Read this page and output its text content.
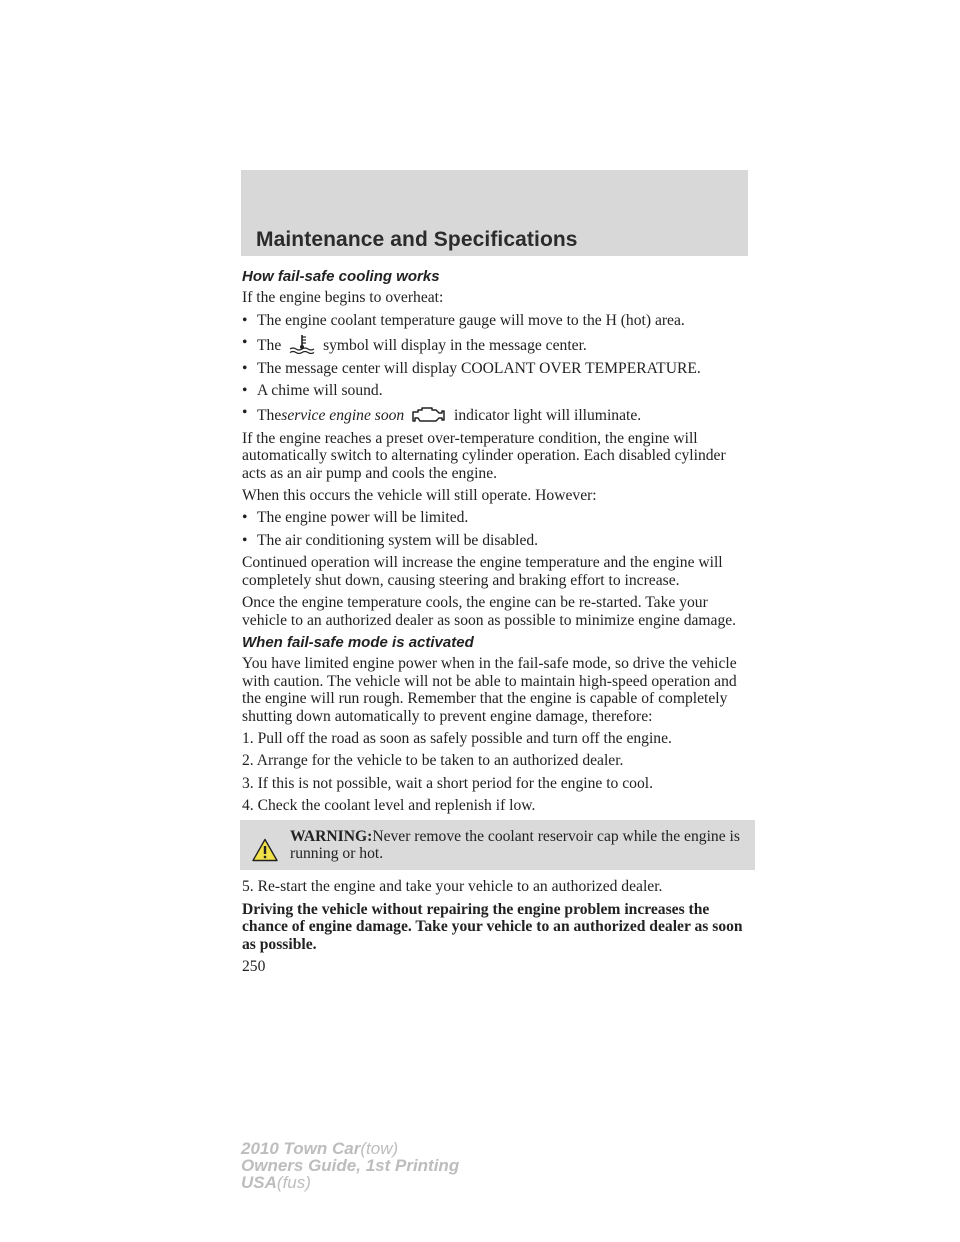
Maintenance and Specifications
How fail-safe cooling works

If the engine begins to overheat:

• The engine coolant temperature gauge will move to the H (hot) area.
• The	symbol will display in the message center.
• The message center will display COOLANT OVER TEMPERATURE.
• A chime will sound.
• Theservice engine soon	indicator light will illuminate.

If the engine reaches a preset over-temperature condition, the engine will automatically switch to alternating cylinder operation. Each disabled cylinder acts as an air pump and cools the engine.

When this occurs the vehicle will still operate. However:

• The engine power will be limited.
• The air conditioning system will be disabled.

Continued operation will increase the engine temperature and the engine will completely shut down, causing steering and braking effort to increase.

Once the engine temperature cools, the engine can be re-started. Take your vehicle to an authorized dealer as soon as possible to minimize engine damage.

When fail-safe mode is activated

You have limited engine power when in the fail-safe mode, so drive the vehicle with caution. The vehicle will not be able to maintain high-speed operation and the engine will run rough. Remember that the engine is capable of completely shutting down automatically to prevent engine damage, therefore:

1. Pull off the road as soon as safely possible and turn off the engine.

2. Arrange for the vehicle to be taken to an authorized dealer.

3. If this is not possible, wait a short period for the engine to cool.

4. Check the coolant level and replenish if low.

WARNING:Never remove the coolant reservoir cap while the engine is running or hot.

5. Re-start the engine and take your vehicle to an authorized dealer.

Driving the vehicle without repairing the engine problem increases the chance of engine damage. Take your vehicle to an authorized dealer as soon as possible.

250

2010 Town Car(tow)
Owners Guide, 1st Printing
USA(fus)
